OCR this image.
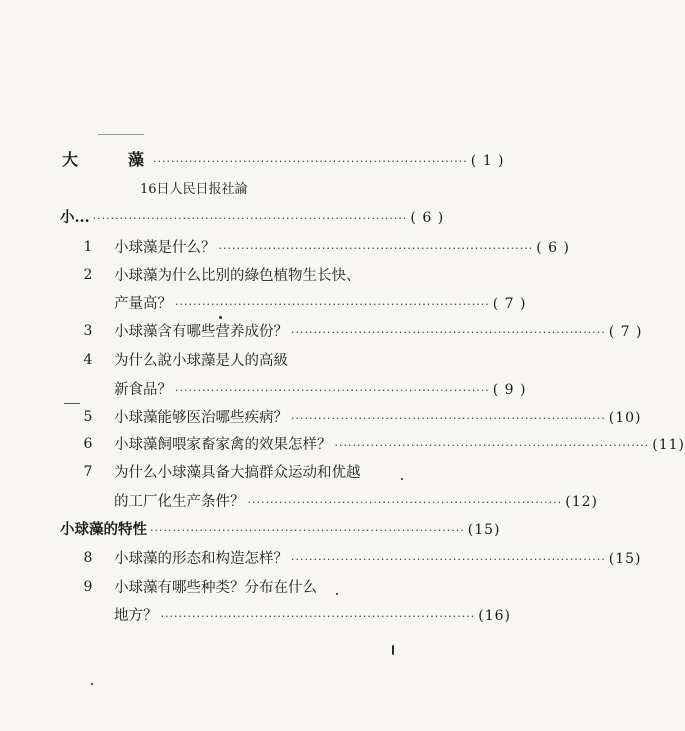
大　　藻 ······································································ ( 1 )
16日人民日报社論
小... ······································································ ( 6 )
1 小球藻是什么？ ······································································ ( 6 )
2 小球藻为什么比别的綠色植物生长快、
产量高？ ······································································ ( 7 )
3 小球藻含有哪些营养成份？ ······································································ ( 7 )
4 为什么說小球藻是人的高級
新食品？ ······································································ ( 9 )
5 小球藻能够医治哪些疾病？ ······································································ (10)
6 小球藻飼喂家畜家禽的效果怎样？ ······································································ (11)
7 为什么小球藻具备大搞群众运动和优越
的工厂化生产条件？ ······································································ (12)
小球藻的特性 ······································································ (15)
8 小球藻的形态和构造怎样？ ······································································ (15)
9 小球藻有哪些种类？分布在什么
地方？ ······································································ (16)
